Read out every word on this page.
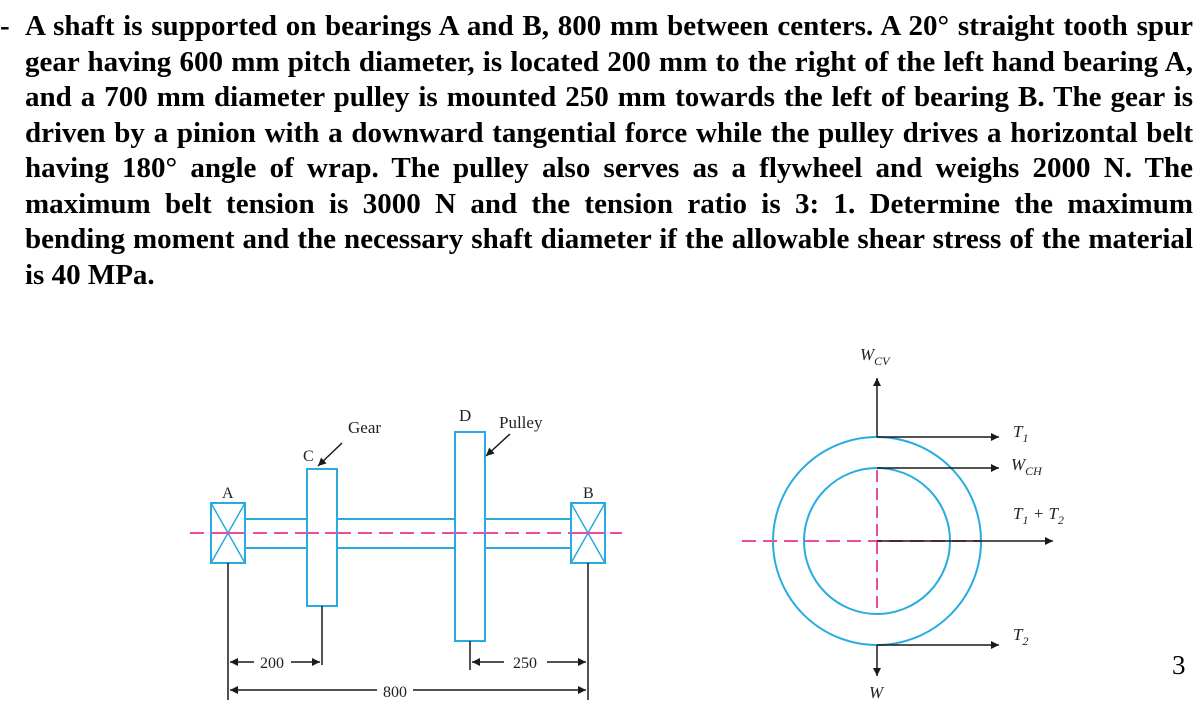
- A shaft is supported on bearings A and B, 800 mm between centers. A 20° straight tooth spur gear having 600 mm pitch diameter, is located 200 mm to the right of the left hand bearing A, and a 700 mm diameter pulley is mounted 250 mm towards the left of bearing B. The gear is driven by a pinion with a downward tangential force while the pulley drives a horizontal belt having 180° angle of wrap. The pulley also serves as a flywheel and weighs 2000 N. The maximum belt tension is 3000 N and the tension ratio is 3: 1. Determine the maximum bending moment and the necessary shaft diameter if the allowable shear stress of the material is 40 MPa.

A	B
C
Gear
D Pulley
200	250
800
$W_{CV}$
$T_1$
$W_{CH}$
$T_1 + T_2$
$T_2$
W
3
